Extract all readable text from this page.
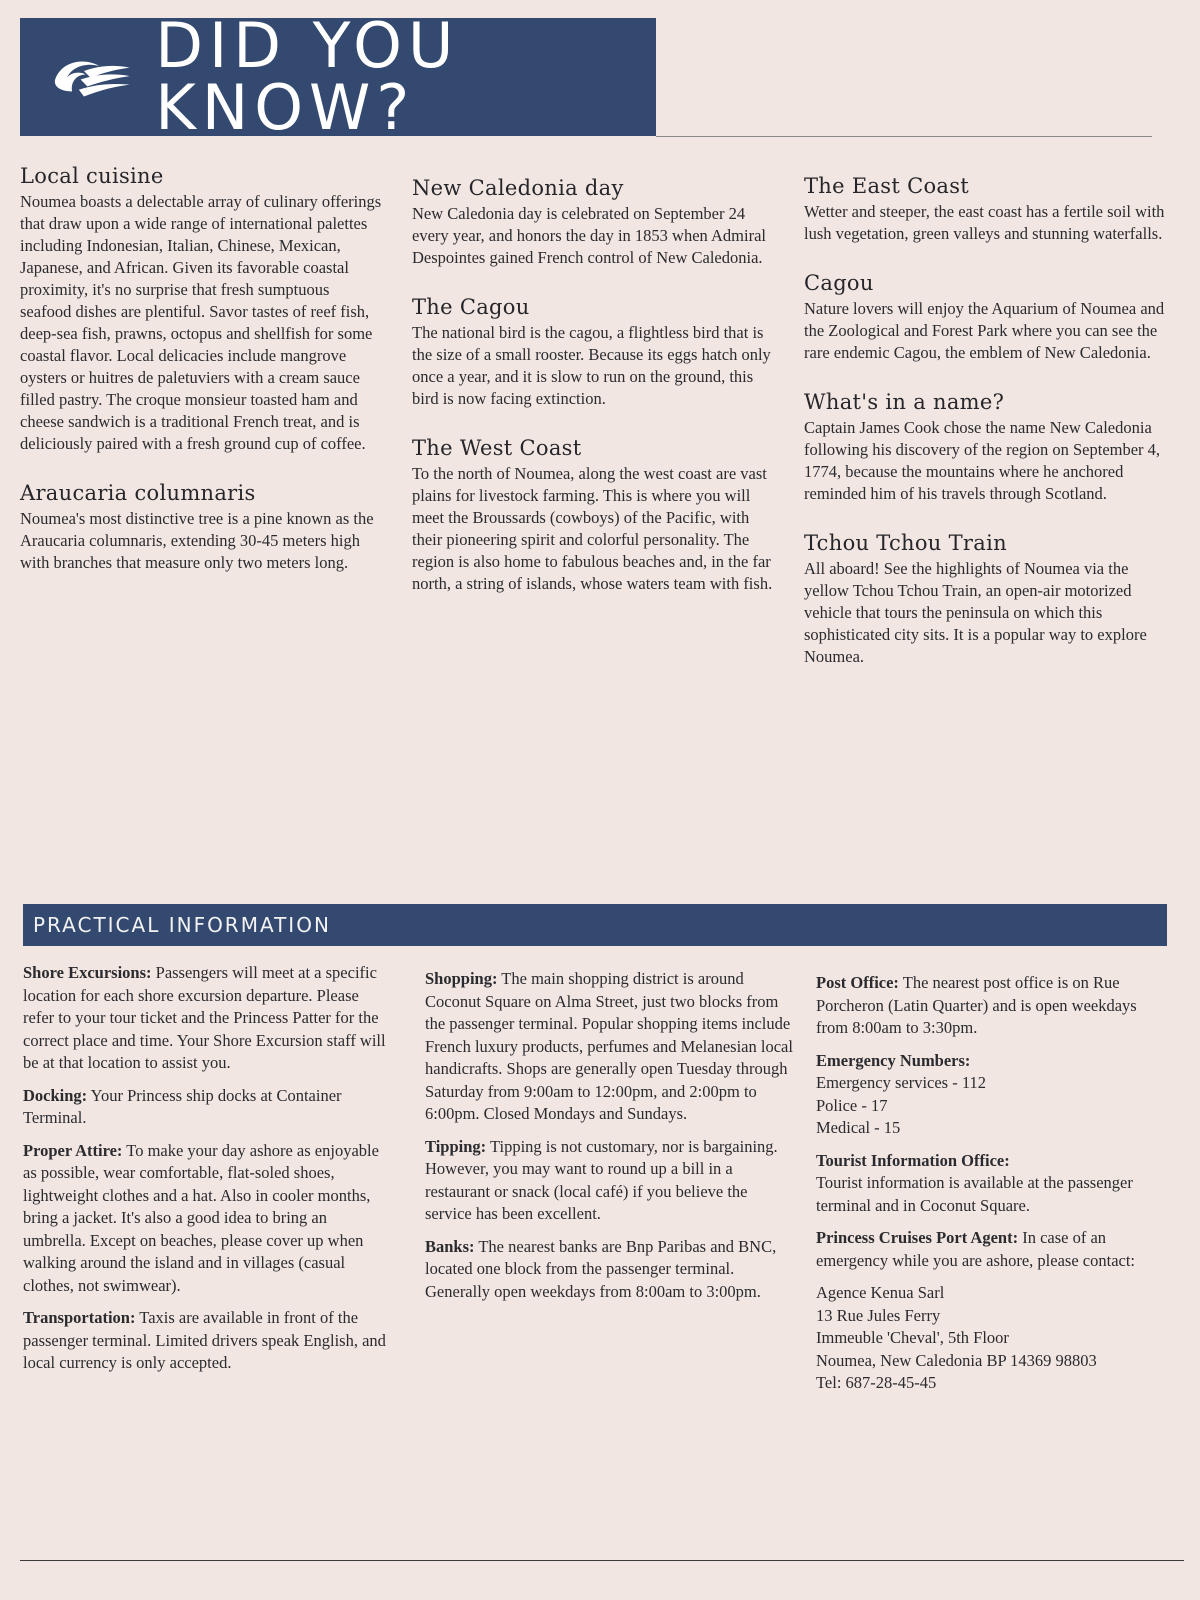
DID YOU KNOW?
Local cuisine

Noumea boasts a delectable array of culinary offerings that draw upon a wide range of international palettes including Indonesian, Italian, Chinese, Mexican, Japanese, and African. Given its favorable coastal proximity, it's no surprise that fresh sumptuous seafood dishes are plentiful. Savor tastes of reef fish, deep-sea fish, prawns, octopus and shellfish for some coastal flavor. Local delicacies include mangrove oysters or huitres de paletuviers with a cream sauce filled pastry. The croque monsieur toasted ham and cheese sandwich is a traditional French treat, and is deliciously paired with a fresh ground cup of coffee.

Araucaria columnaris

Noumea's most distinctive tree is a pine known as the Araucaria columnaris, extending 30-45 meters high with branches that measure only two meters long.

New Caledonia day

New Caledonia day is celebrated on September 24 every year, and honors the day in 1853 when Admiral Despointes gained French control of New Caledonia.

The Cagou

The national bird is the cagou, a flightless bird that is the size of a small rooster. Because its eggs hatch only once a year, and it is slow to run on the ground, this bird is now facing extinction.

The West Coast

To the north of Noumea, along the west coast are vast plains for livestock farming. This is where you will meet the Broussards (cowboys) of the Pacific, with their pioneering spirit and colorful personality. The region is also home to fabulous beaches and, in the far north, a string of islands, whose waters team with fish.

The East Coast

Wetter and steeper, the east coast has a fertile soil with lush vegetation, green valleys and stunning waterfalls.

Cagou

Nature lovers will enjoy the Aquarium of Noumea and the Zoological and Forest Park where you can see the rare endemic Cagou, the emblem of New Caledonia.

What's in a name?

Captain James Cook chose the name New Caledonia following his discovery of the region on September 4, 1774, because the mountains where he anchored reminded him of his travels through Scotland.

Tchou Tchou Train

All aboard! See the highlights of Noumea via the yellow Tchou Tchou Train, an open-air motorized vehicle that tours the peninsula on which this sophisticated city sits. It is a popular way to explore Noumea.

PRACTICAL INFORMATION

Shore Excursions: Passengers will meet at a specific location for each shore excursion departure. Please refer to your tour ticket and the Princess Patter for the correct place and time. Your Shore Excursion staff will be at that location to assist you.

Docking: Your Princess ship docks at Container Terminal.

Proper Attire: To make your day ashore as enjoyable as possible, wear comfortable, flat-soled shoes, lightweight clothes and a hat. Also in cooler months, bring a jacket. It's also a good idea to bring an umbrella. Except on beaches, please cover up when walking around the island and in villages (casual clothes, not swimwear).

Transportation: Taxis are available in front of the passenger terminal. Limited drivers speak English, and local currency is only accepted.

Shopping: The main shopping district is around Coconut Square on Alma Street, just two blocks from the passenger terminal. Popular shopping items include French luxury products, perfumes and Melanesian local handicrafts. Shops are generally open Tuesday through Saturday from 9:00am to 12:00pm, and 2:00pm to 6:00pm. Closed Mondays and Sundays.

Tipping: Tipping is not customary, nor is bargaining. However, you may want to round up a bill in a restaurant or snack (local café) if you believe the service has been excellent.

Banks: The nearest banks are Bnp Paribas and BNC, located one block from the passenger terminal. Generally open weekdays from 8:00am to 3:00pm.

Post Office: The nearest post office is on Rue Porcheron (Latin Quarter) and is open weekdays from 8:00am to 3:30pm.

Emergency Numbers:
Emergency services - 112
Police - 17
Medical - 15
Tourist Information Office:
Tourist information is available at the passenger terminal and in Coconut Square.

Princess Cruises Port Agent: In case of an emergency while you are ashore, please contact:

Agence Kenua Sarl
13 Rue Jules Ferry
Immeuble 'Cheval', 5th Floor
Noumea, New Caledonia BP 14369 98803
Tel: 687-28-45-45
